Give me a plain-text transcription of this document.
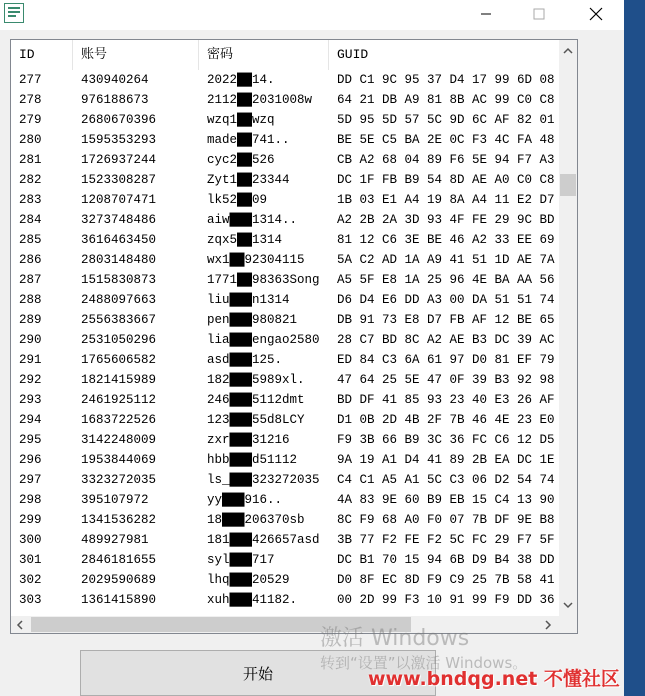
ID	账号	密码	GUID
277	430940264	2022██14.	DD C1 9C 95 37 D4 17 99 6D 08
278	976188673	2112██2031008w	64 21 DB A9 81 8B AC 99 C0 C8
279	2680670396	wzq1██wzq	5D 95 5D 57 5C 9D 6C AF 82 01
280	1595353293	made██741..	BE 5E C5 BA 2E 0C F3 4C FA 48
281	1726937244	cyc2██526	CB A2 68 04 89 F6 5E 94 F7 A3
282	1523308287	Zyt1██23344	DC 1F FB B9 54 8D AE A0 C0 C8
283	1208707471	lk52██09	1B 03 E1 A4 19 8A A4 11 E2 D7
284	3273748486	aiw███1314..	A2 2B 2A 3D 93 4F FE 29 9C BD
285	3616463450	zqx5██1314	81 12 C6 3E BE 46 A2 33 EE 69
286	2803148480	wx1██92304115	5A C2 AD 1A A9 41 51 1D AE 7A
287	1515830873	1771██98363Song	A5 5F E8 1A 25 96 4E BA AA 56
288	2488097663	liu███n1314	D6 D4 E6 DD A3 00 DA 51 51 74
289	2556383667	pen███980821	DB 91 73 E8 D7 FB AF 12 BE 65
290	2531050296	lia███engao2580	28 C7 BD 8C A2 AE B3 DC 39 AC
291	1765606582	asd███125.	ED 84 C3 6A 61 97 D0 81 EF 79
292	1821415989	182███5989xl.	47 64 25 5E 47 0F 39 B3 92 98
293	2461925112	246███5112dmt	BD DF 41 85 93 23 40 E3 26 AF
294	1683722526	123███55d8LCY	D1 0B 2D 4B 2F 7B 46 4E 23 E0
295	3142248009	zxr███31216	F9 3B 66 B9 3C 36 FC C6 12 D5
296	1953844069	hbb███d51112	9A 19 A1 D4 41 89 2B EA DC 1E
297	3323272035	ls_███323272035	C4 C1 A5 A1 5C C3 06 D2 54 74
298	395107972	yy███916..	4A 83 9E 60 B9 EB 15 C4 13 90
299	1341536282	18███206370sb	8C F9 68 A0 F0 07 7B DF 9E B8
300	489927981	181███426657asd	3B 77 F2 FE F2 5C FC 29 F7 5F
301	2846181655	syl███717	DC B1 70 15 94 6B D9 B4 38 DD
302	2029590689	lhq███20529	D0 8F EC 8D F9 C9 25 7B 58 41
303	1361415890	xuh███41182.	00 2D 99 F3 10 91 99 F9 DD 36
开始
激活 Windows
转到“设置”以激活 Windows。
www.bndqg.net 不懂社区
